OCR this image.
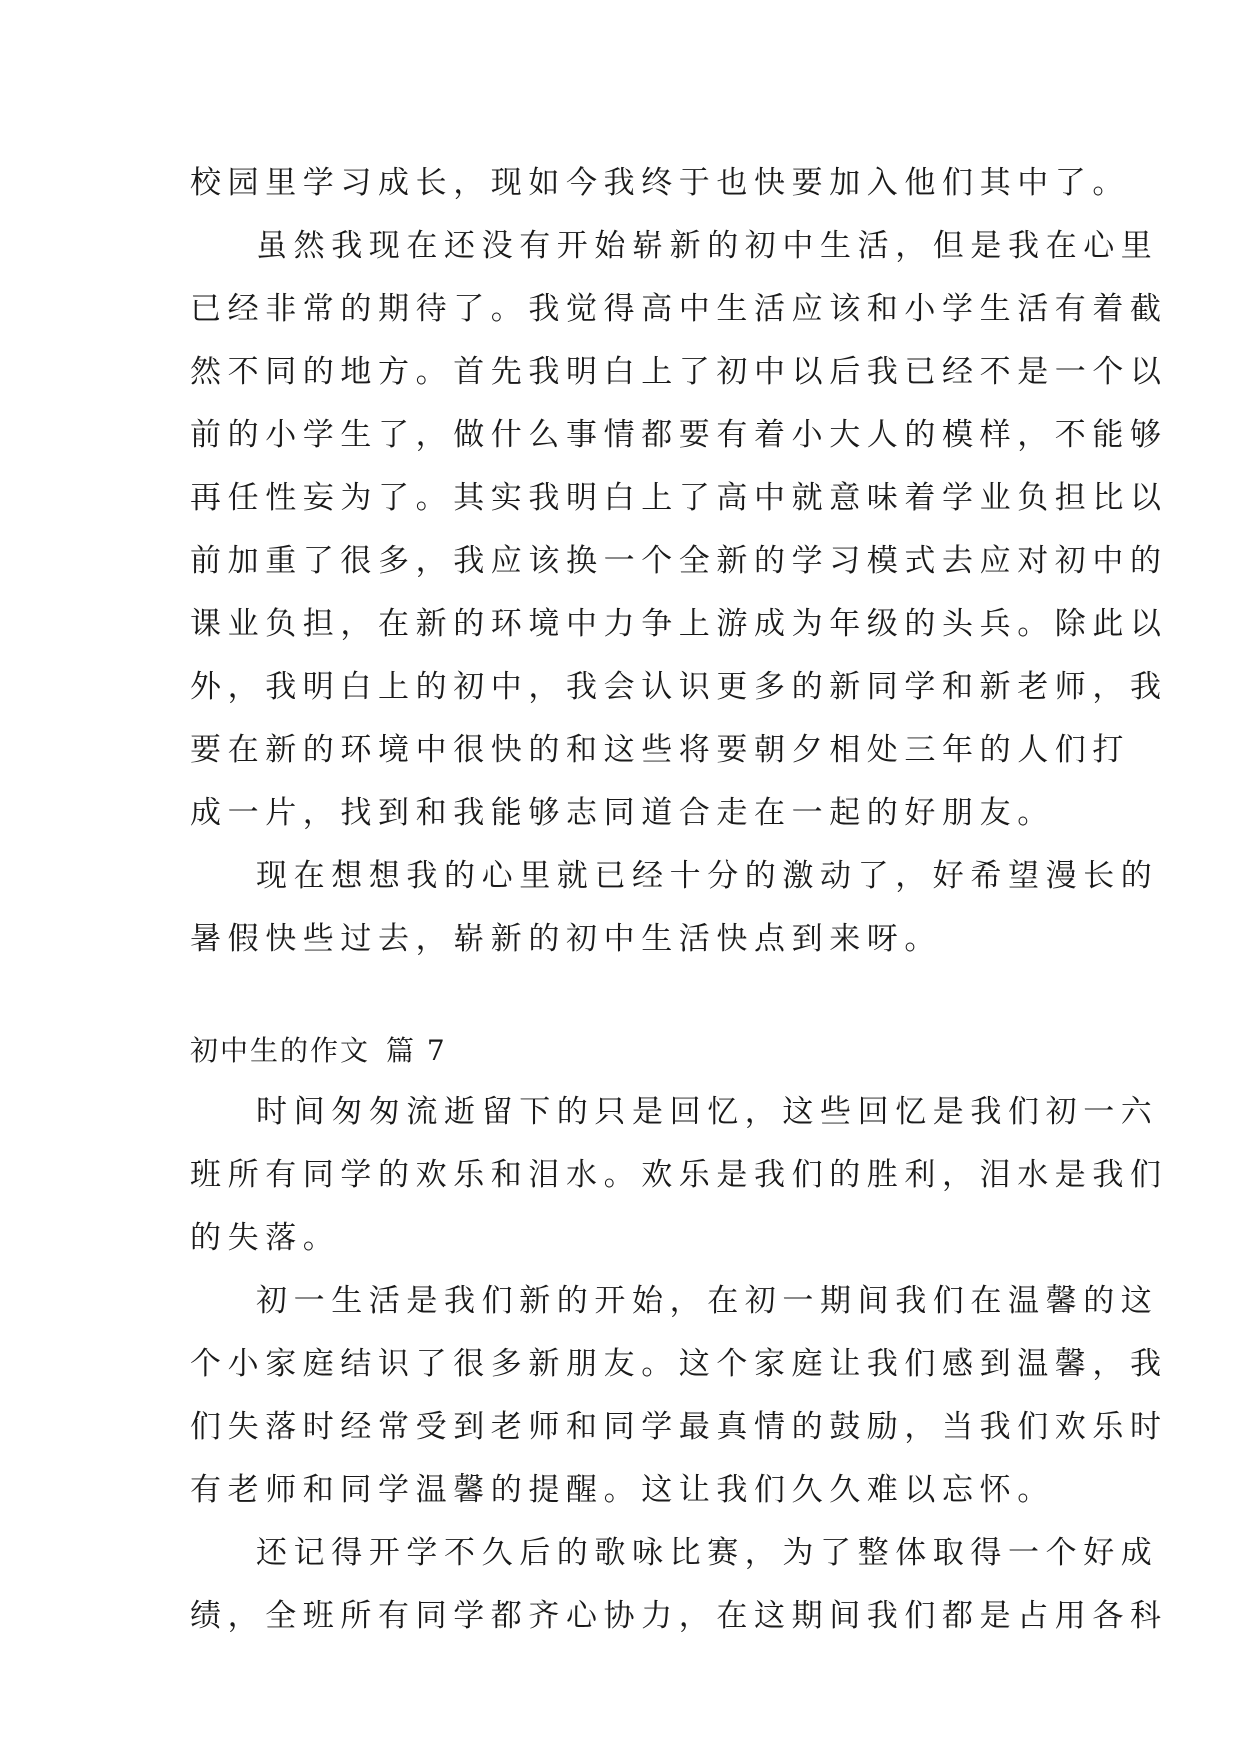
校园里学习成长，现如今我终于也快要加入他们其中了。
虽然我现在还没有开始崭新的初中生活，但是我在心里
已经非常的期待了。我觉得高中生活应该和小学生活有着截
然不同的地方。首先我明白上了初中以后我已经不是一个以
前的小学生了，做什么事情都要有着小大人的模样，不能够
再任性妄为了。其实我明白上了高中就意味着学业负担比以
前加重了很多，我应该换一个全新的学习模式去应对初中的
课业负担，在新的环境中力争上游成为年级的头兵。除此以
外，我明白上的初中，我会认识更多的新同学和新老师，我
要在新的环境中很快的和这些将要朝夕相处三年的人们打
成一片，找到和我能够志同道合走在一起的好朋友。
现在想想我的心里就已经十分的激动了，好希望漫长的
暑假快些过去，崭新的初中生活快点到来呀。
初中生的作文 篇 7
时间匆匆流逝留下的只是回忆，这些回忆是我们初一六
班所有同学的欢乐和泪水。欢乐是我们的胜利，泪水是我们
的失落。
初一生活是我们新的开始，在初一期间我们在温馨的这
个小家庭结识了很多新朋友。这个家庭让我们感到温馨，我
们失落时经常受到老师和同学最真情的鼓励，当我们欢乐时
有老师和同学温馨的提醒。这让我们久久难以忘怀。
还记得开学不久后的歌咏比赛，为了整体取得一个好成
绩，全班所有同学都齐心协力，在这期间我们都是占用各科
